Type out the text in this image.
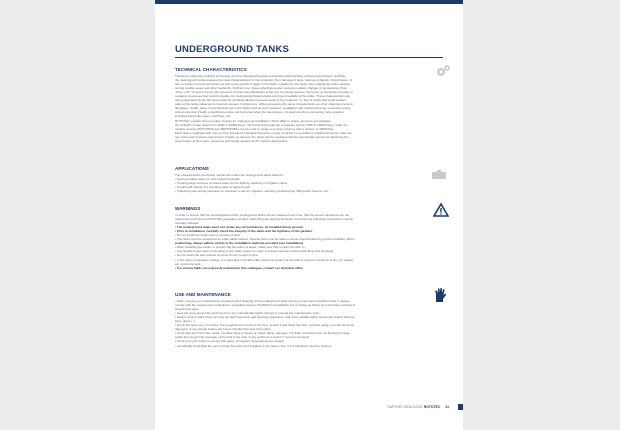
UNDERGROUND TANKS
TECHNICAL CHARACTERISTICS

Thanks to rotational moulding technology and the chemical-physical-mechanical characteristics of linear polyethylene (LLDPE),

the underground tanks possess the ideal characteristics for the protection from damage of large volumes of liquids. Polyethylene, in

fact, is totally non-toxic and does not favour the growth of algae in the fluids contained in the tanks, thus making the tanks ideal for

storing potable water and other foodstuffs. Furthermore, these polyethylene also supports sudden changes in temperature (from

-20 to + 60 °C) and is inert in the presence of chemical substances in the soil. For these reasons, there are no chemical corrosion or

oxidation processes that would prejudice the mechanical characteristics and impermeability of the tanks. These characteristics are

also guaranteed by the fact that rotational moulding allows one-piece tanks to be produced, i.e. free of welds that could weaken

parts of the tanks subjected to internal stresses. Furthermore, while possessing the same characteristics as other materials (cement,

fibreglass, metal), tanks in polyethylene are much lighter and as such transport, installation and maintenance are extremely simple

and economical. Finally, polyethylene tanks can be buried when the need arises, for example when connecting more together,

including inlet/outlet pipes, overflows, etc.

ROTOTEC supplies three models of tanks for underground installation, which differ in shape, structure and capacity:

the Cylindric model (sizes from 1000 to 30000 litres), the Horizontal model (for a capacity of from 2000 to 10000 litres), while the

multiple version (HKH7/HKR and NEPTUN/BA) can be used to create very large volumes with a mixture of 40000 litre.

Each tank is equipped with one or more threaded or flanged inspection covers on which it is possible to install extensions; when the

top of the tank is below ground level. Finally, on request, the tanks can be equipped with the appropriate pumps for delivering the

stored water at flow rates, pressures and heads needed for the various applications.

APPLICATIONS

The characteristics previously mentioned render the underground tanks ideal for:

• Storing potable water on other liquid foodstuffs

• Creating large volumes of stored water for fire fighting, washing or irrigation plants

• Creating lift stations for pumping water to higher levels

• Collecting and storing rainwater for eventual re-use for irrigation, washing (vehicles/ings, filling toilet cisterns, etc...

WARNINGS

In order to ensure that the characteristics of the underground tanks remain unaltered over time, that the stored substances do not

deteriorate and that the ROTOTEC guarantee remains valid (15 years against fall depth corrosion) the following instructions must be

carefully followed:

• The underground tanks must not, under any circumstances, be installed above ground.

• Prior to installation, carefully check the integrity of the tanks and the tightness of the gaskets.

• Do not install the tanks near to sources of heat.

• The tanks must be positioned on a flat stable surface. Special care must be taken in areas characterised by ground instability. When

positioning, always adhere strictly to the installation methods provided (see installation)

• When installing the tanks, to prevent the formation of algae, make sure that no light can filter in;

• Use flexible hoses when connecting to the water system in order to prevent stresses during tank filling and emptying;

• Do not leave the tank without its cover for any length of time.

• In the case of rainwater storage, it is advisable to install a filter (Gamma system) at the tank to prevent a build up of dirt, pH, leaves,

etc. inside the tank;

• For storing fluids not expressly indicated in this catalogue, contact our technical office

USE AND MAINTENANCE

• When carrying out maintenance operations and cleaning of the underground tank and any components installed inside it, always

comply with the requirements indicated in Legislative Decree 81/2008 (Consolidation Act on Safety at Work) for technicians working in

closed work sites.

• keep the area around the tank free from any material that might obstruct or impede the maintenance work;

• always work in pairs when carrying out tank inspection and cleaning operations, and wear suitable safety equipment (safety harness,

lines, gloves...)

• check the tank every 6 months. If any sediment is found on the floor, extract it and clean the tank, carefully using a normal domestic

detergent. If any foreign bodies are found, disinfect the tank thoroughly;

• check that any PVC inlet, outlet, overflow pipes or hoses or plastic fitting, drainage, full drain connectors are not blocked by large

solids that prevent the passage of the fluid in the tank. If any sediment is found, it must be removed;

• check every 6 months to ensure that pipes, connectors and gaskets are sealed;

• periodically check that the vent serving the pump and installed on the tank is free, if it is blocked it must be cleared.

RAPTOR CATALOGUE ROTOTEC 41
